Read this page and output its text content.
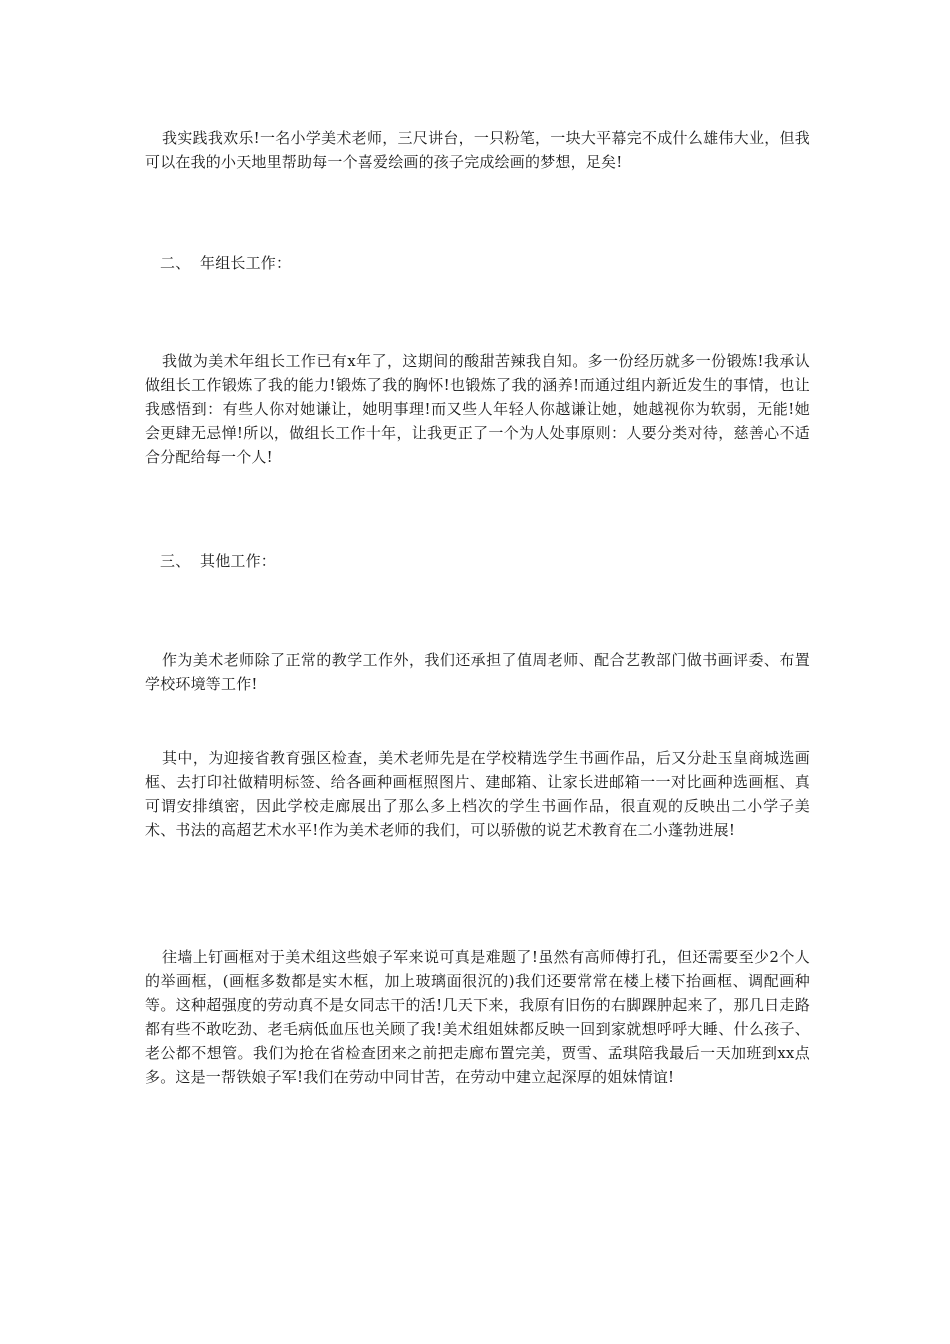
我实践我欢乐!一名小学美术老师，三尺讲台，一只粉笔，一块大平幕完不成什么雄伟大业，但我可以在我的小天地里帮助每一个喜爱绘画的孩子完成绘画的梦想，足矣!

二、 年组长工作：

我做为美术年组长工作已有x年了，这期间的酸甜苦辣我自知。多一份经历就多一份锻炼!我承认做组长工作锻炼了我的能力!锻炼了我的胸怀!也锻炼了我的涵养!而通过组内新近发生的事情，也让我感悟到：有些人你对她谦让，她明事理!而又些人年轻人你越谦让她，她越视你为软弱，无能!她会更肆无忌惮!所以，做组长工作十年，让我更正了一个为人处事原则：人要分类对待，慈善心不适合分配给每一个人!

三、 其他工作：

作为美术老师除了正常的教学工作外，我们还承担了值周老师、配合艺教部门做书画评委、布置学校环境等工作!

其中，为迎接省教育强区检查，美术老师先是在学校精选学生书画作品，后又分赴玉皇商城选画框、去打印社做精明标签、给各画种画框照图片、建邮箱、让家长进邮箱一一对比画种选画框、真可谓安排缜密，因此学校走廊展出了那么多上档次的学生书画作品，很直观的反映出二小学子美术、书法的高超艺术水平!作为美术老师的我们，可以骄傲的说艺术教育在二小蓬勃进展!

往墙上钉画框对于美术组这些娘子军来说可真是难题了!虽然有高师傅打孔，但还需要至少2个人的举画框，(画框多数都是实木框，加上玻璃面很沉的)我们还要常常在楼上楼下抬画框、调配画种等。这种超强度的劳动真不是女同志干的活!几天下来，我原有旧伤的右脚踝肿起来了，那几日走路都有些不敢吃劲、老毛病低血压也关顾了我!美术组姐妹都反映一回到家就想呼呼大睡、什么孩子、老公都不想管。我们为抢在省检查团来之前把走廊布置完美，贾雪、孟琪陪我最后一天加班到xx点多。这是一帮铁娘子军!我们在劳动中同甘苦，在劳动中建立起深厚的姐妹情谊!
